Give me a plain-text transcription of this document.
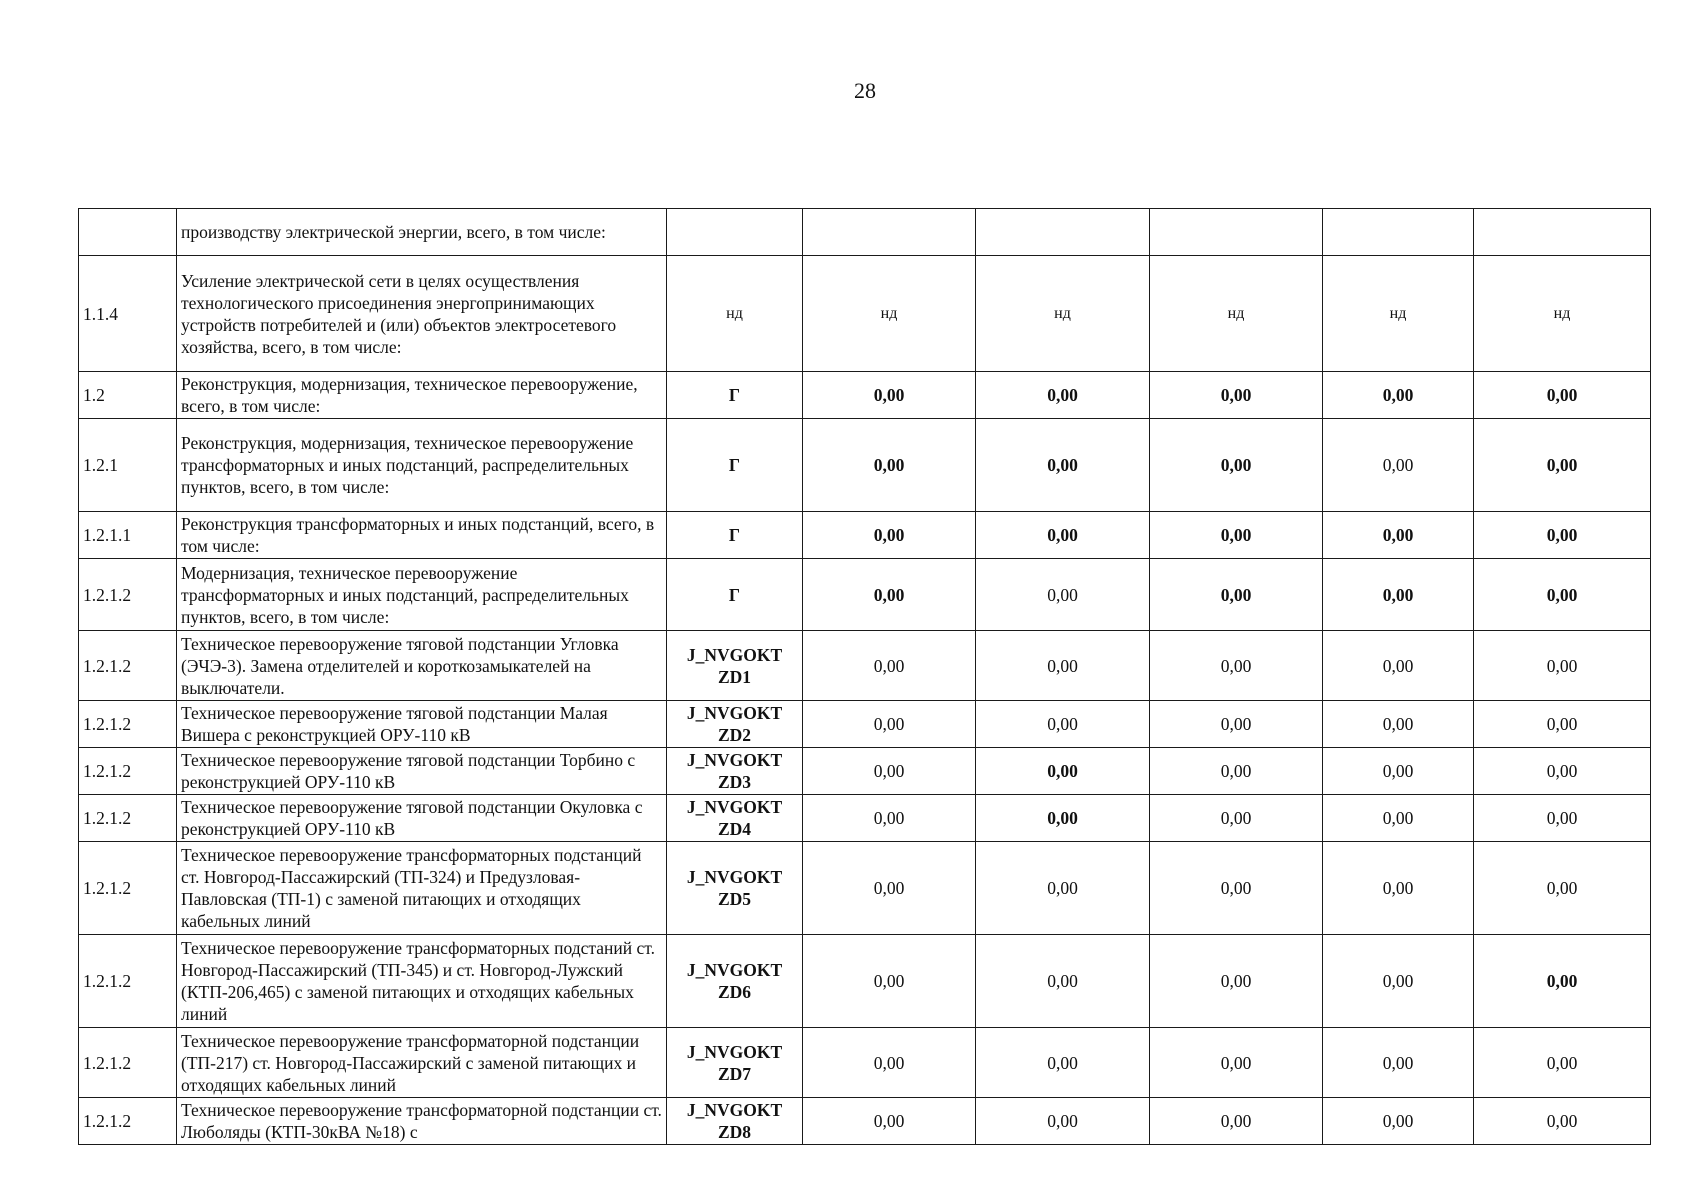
28
	производству электрической энергии, всего, в том числе:						
1.1.4	Усиление электрической сети в целях осуществления технологического присоединения энергопринимающих устройств потребителей и (или) объектов электросетевого хозяйства, всего, в том числе:	нд	нд	нд	нд	нд	нд
1.2	Реконструкция, модернизация, техническое перевооружение, всего, в том числе:	Г	0,00	0,00	0,00	0,00	0,00
1.2.1	Реконструкция, модернизация, техническое перевооружение трансформаторных и иных подстанций, распределительных пунктов, всего, в том числе:	Г	0,00	0,00	0,00	0,00	0,00
1.2.1.1	Реконструкция трансформаторных и иных подстанций, всего, в том числе:	Г	0,00	0,00	0,00	0,00	0,00
1.2.1.2	Модернизация, техническое перевооружение трансформаторных и иных подстанций, распределительных пунктов, всего, в том числе:	Г	0,00	0,00	0,00	0,00	0,00
1.2.1.2	Техническое перевооружение тяговой подстанции Угловка (ЭЧЭ-3). Замена отделителей и короткозамыкателей на выключатели.	J_NVGOKT ZD1	0,00	0,00	0,00	0,00	0,00
1.2.1.2	Техническое перевооружение тяговой подстанции Малая Вишера с реконструкцией ОРУ-110 кВ	J_NVGOKT ZD2	0,00	0,00	0,00	0,00	0,00
1.2.1.2	Техническое перевооружение тяговой подстанции Торбино с реконструкцией ОРУ-110 кВ	J_NVGOKT ZD3	0,00	0,00	0,00	0,00	0,00
1.2.1.2	Техническое перевооружение тяговой подстанции Окуловка с реконструкцией ОРУ-110 кВ	J_NVGOKT ZD4	0,00	0,00	0,00	0,00	0,00
1.2.1.2	Техническое перевооружение трансформаторных подстанций ст. Новгород-Пассажирский (ТП-324) и Предузловая-Павловская (ТП-1) с заменой питающих и отходящих кабельных линий	J_NVGOKT ZD5	0,00	0,00	0,00	0,00	0,00
1.2.1.2	Техническое перевооружение трансформаторных подстаний ст. Новгород-Пассажирский (ТП-345) и ст. Новгород-Лужский (КТП-206,465) с заменой питающих и отходящих кабельных линий	J_NVGOKT ZD6	0,00	0,00	0,00	0,00	0,00
1.2.1.2	Техническое перевооружение трансформаторной подстанции (ТП-217) ст. Новгород-Пассажирский с заменой питающих и отходящих кабельных линий	J_NVGOKT ZD7	0,00	0,00	0,00	0,00	0,00
1.2.1.2	Техническое перевооружение трансформаторной подстанции ст. Люболяды (КТП-30кВА №18) с	J_NVGOKT ZD8	0,00	0,00	0,00	0,00	0,00
